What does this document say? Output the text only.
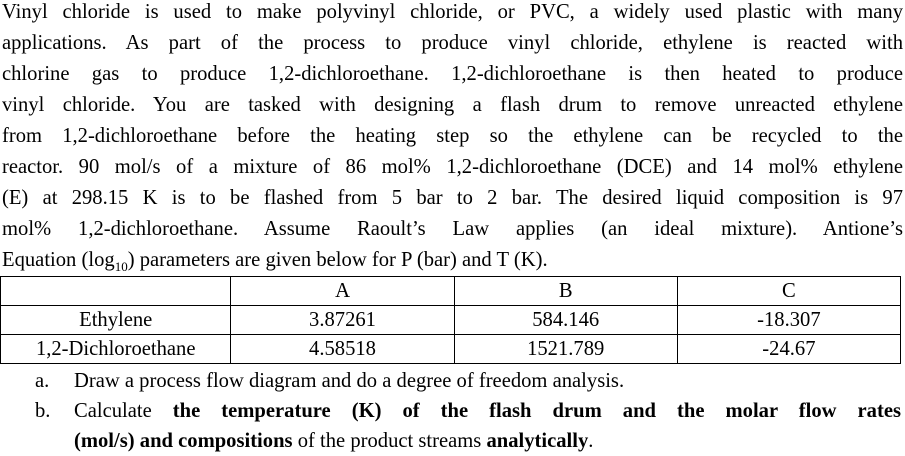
Vinyl chloride is used to make polyvinyl chloride, or PVC, a widely used plastic with many
applications. As part of the process to produce vinyl chloride, ethylene is reacted with
chlorine gas to produce 1,2-dichloroethane. 1,2-dichloroethane is then heated to produce
vinyl chloride. You are tasked with designing a flash drum to remove unreacted ethylene
from 1,2-dichloroethane before the heating step so the ethylene can be recycled to the
reactor. 90 mol/s of a mixture of 86 mol% 1,2-dichloroethane (DCE) and 14 mol% ethylene
(E) at 298.15 K is to be flashed from 5 bar to 2 bar. The desired liquid composition is 97
mol% 1,2-dichloroethane. Assume Raoult’s Law applies (an ideal mixture). Antione’s
Equation $(\log_{10})$ parameters are given below for P (bar) and T (K).

	A	B	C
Ethylene	3.87261	584.146	-18.307
1,2-Dichloroethane	4.58518	1521.789	-24.67
a. Draw a process flow diagram and do a degree of freedom analysis.
b. Calculate the temperature (K) of the flash drum and the molar flow rates
(mol/s) and compositions of the product streams analytically.
